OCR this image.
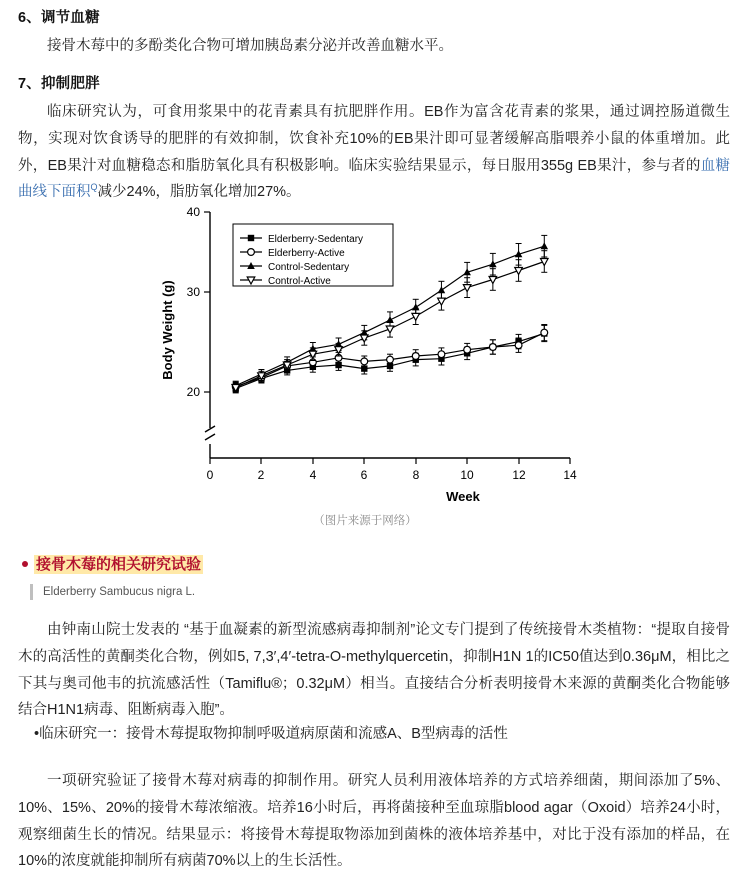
6、调节血糖

接骨木莓中的多酚类化合物可增加胰岛素分泌并改善血糖水平。

7、抑制肥胖

临床研究认为，可食用浆果中的花青素具有抗肥胖作用。EB作为富含花青素的浆果，通过调控肠道微生物，实现对饮食诱导的肥胖的有效抑制，饮食补充10%的EB果汁即可显著缓解高脂喂养小鼠的体重增加。此外，EB果汁对血糖稳态和脂肪氧化具有积极影响。临床实验结果显示，每日服用355g EB果汁，参与者的血糖曲线下面积$^Q$减少24%，脂肪氧化增加27%。

40
30
20
0	2	4	6	8	10	12	14
Week
Body Weight (g)
Elderberry-Sedentary
Elderberry-Active
Control-Sedentary
Control-Active
（图片来源于网络）
接骨木莓的相关研究试验
Elderberry Sambucus nigra L.

由钟南山院士发表的 “基于血凝素的新型流感病毒抑制剂”论文专门提到了传统接骨木类植物：“提取自接骨木的高活性的黄酮类化合物，例如5, 7,3′,4′-tetra-O-methylquercetin，抑制H1N 1的IC50值达到0.36μM，相比之下其与奥司他韦的抗流感活性（Tamiflu®；0.32μM）相当。直接结合分析表明接骨木来源的黄酮类化合物能够结合H1N1病毒、阻断病毒入胞”。

•临床研究一：接骨木莓提取物抑制呼吸道病原菌和流感A、B型病毒的活性

一项研究验证了接骨木莓对病毒的抑制作用。研究人员利用液体培养的方式培养细菌，期间添加了5%、10%、15%、20%的接骨木莓浓缩液。培养16小时后，再将菌接种至血琼脂blood agar（Oxoid）培养24小时，观察细菌生长的情况。结果显示：将接骨木莓提取物添加到菌株的液体培养基中，对比于没有添加的样品，在10%的浓度就能抑制所有病菌70%以上的生长活性。
